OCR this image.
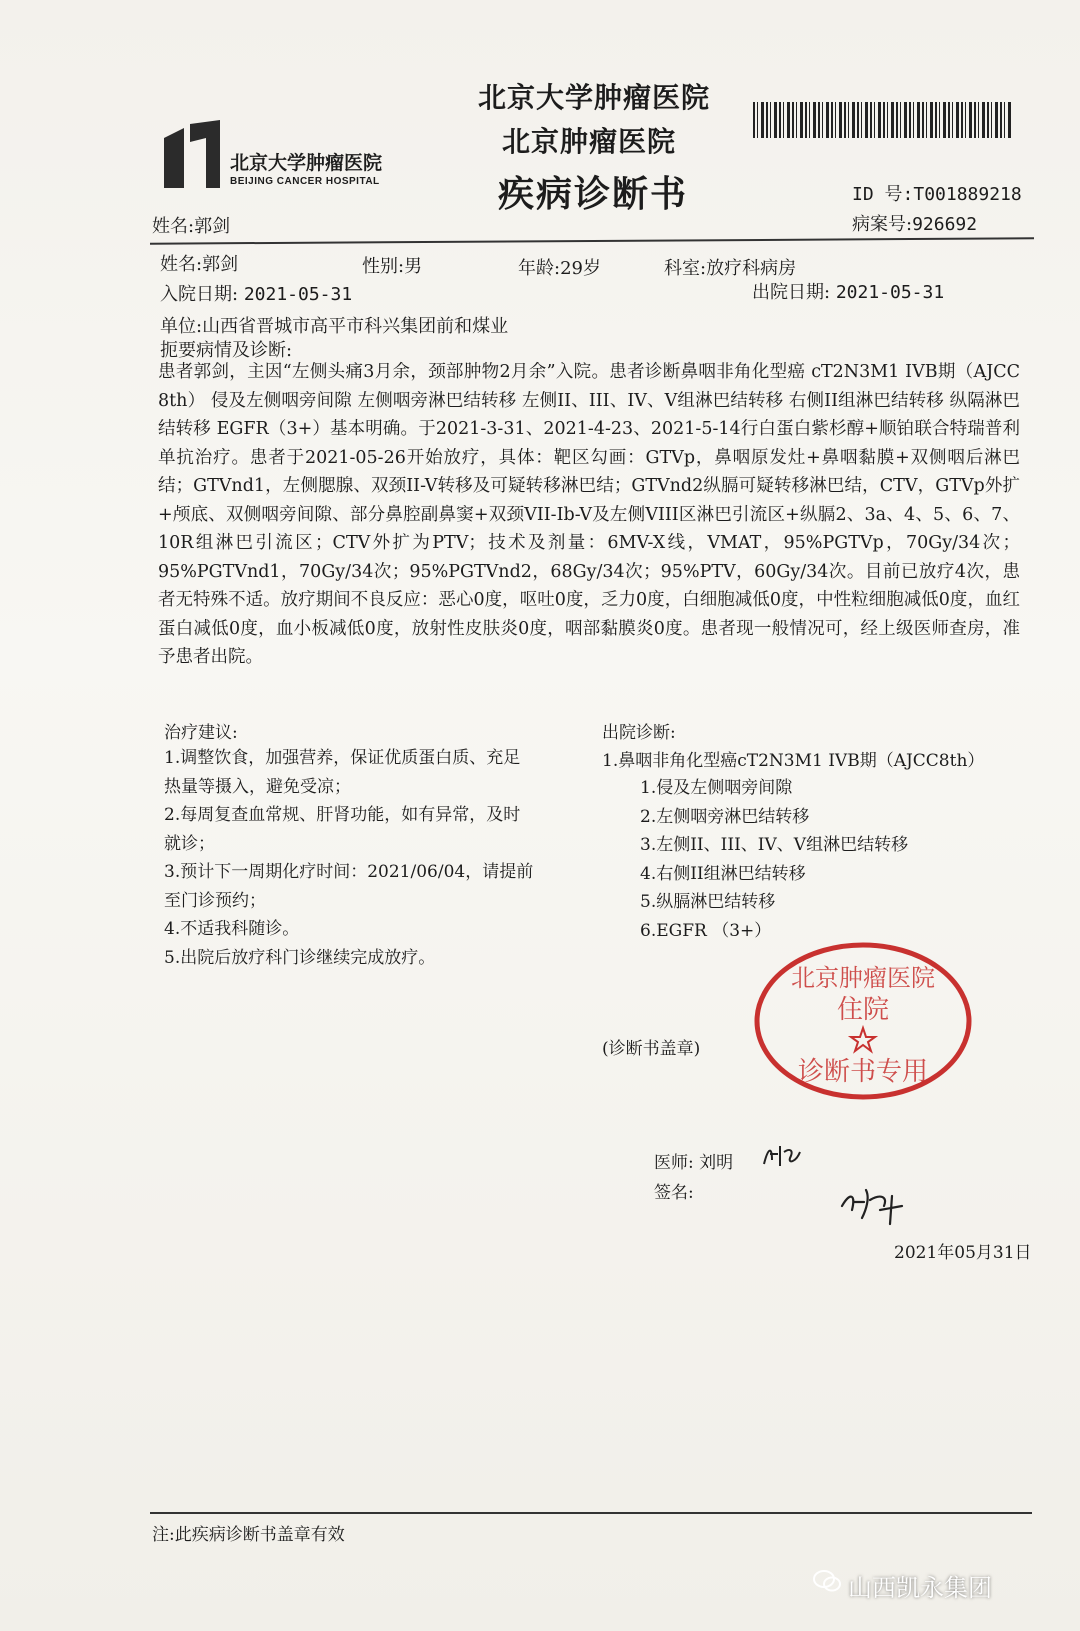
北京大学肿瘤医院
BEIJING CANCER HOSPITAL
北京大学肿瘤医院
北京肿瘤医院
疾病诊断书	ID 号:T001889218
病案号:926692
姓名:郭剑
姓名:郭剑	性别:男	年龄:29岁	科室:放疗科病房
入院日期: 2021-05-31	出院日期: 2021-05-31
单位:山西省晋城市高平市科兴集团前和煤业
扼要病情及诊断:

患者郭剑，主因“左侧头痛3月余，颈部肿物2月余”入院。患者诊断鼻咽非角化型癌 cT2N3M1 IVB期（AJCC 8th） 侵及左侧咽旁间隙 左侧咽旁淋巴结转移 左侧II、III、IV、V组淋巴结转移 右侧II组淋巴结转移 纵隔淋巴结转移 EGFR（3+）基本明确。于2021-3-31、2021-4-23、2021-5-14行白蛋白紫杉醇+顺铂联合特瑞普利单抗治疗。患者于2021-05-26开始放疗，具体：靶区勾画：GTVp，鼻咽原发灶+鼻咽黏膜+双侧咽后淋巴结；GTVnd1，左侧腮腺、双颈II-V转移及可疑转移淋巴结；GTVnd2纵膈可疑转移淋巴结，CTV，GTVp外扩+颅底、双侧咽旁间隙、部分鼻腔副鼻窦+双颈VII-Ib-V及左侧VIII区淋巴引流区+纵膈2、3a、4、5、6、7、10R组淋巴引流区；CTV外扩为PTV；技术及剂量：6MV-X线，VMAT，95%PGTVp，70Gy/34次；95%PGTVnd1，70Gy/34次；95%PGTVnd2，68Gy/34次；95%PTV，60Gy/34次。目前已放疗4次，患者无特殊不适。放疗期间不良反应：恶心0度，呕吐0度，乏力0度，白细胞减低0度，中性粒细胞减低0度，血红蛋白减低0度，血小板减低0度，放射性皮肤炎0度，咽部黏膜炎0度。患者现一般情况可，经上级医师查房，准予患者出院。

治疗建议:
1.调整饮食，加强营养，保证优质蛋白质、充足
热量等摄入，避免受凉；
2.每周复查血常规、肝肾功能，如有异常，及时
就诊；
3.预计下一周期化疗时间：2021/06/04，请提前
至门诊预约；
4.不适我科随诊。
5.出院后放疗科门诊继续完成放疗。
出院诊断:
1.鼻咽非角化型癌cT2N3M1 IVB期（AJCC8th）
1.侵及左侧咽旁间隙
2.左侧咽旁淋巴结转移
3.左侧II、III、IV、V组淋巴结转移
4.右侧II组淋巴结转移
5.纵膈淋巴结转移
6.EGFR （3+）
(诊断书盖章)
北京肿瘤医院
住院
诊断书专用
医师: 刘明
签名:
2021年05月31日
注:此疾病诊断书盖章有效
山西凯永集团
